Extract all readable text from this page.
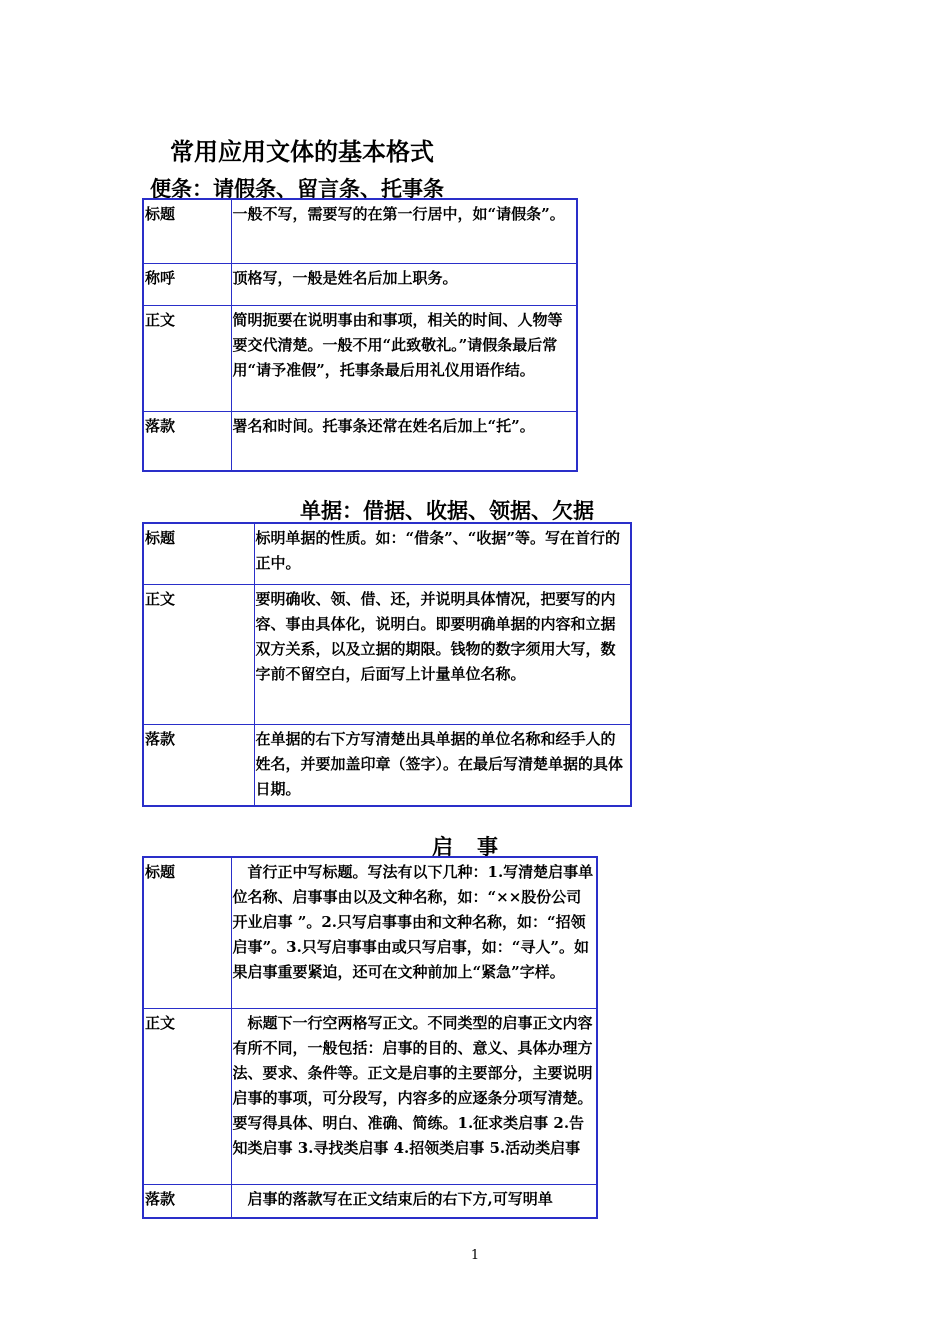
常用应用文体的基本格式
便条：请假条、留言条、托事条
标题	一般不写，需要写的在第一行居中，如“请假条”。
称呼	顶格写，一般是姓名后加上职务。
正文	简明扼要在说明事由和事项，相关的时间、人物等要交代清楚。一般不用“此致敬礼。”请假条最后常用“请予准假”，托事条最后用礼仪用语作结。
落款	署名和时间。托事条还常在姓名后加上“托”。
单据：借据、收据、领据、欠据
标题	标明单据的性质。如：“借条”、“收据”等。写在首行的正中。
正文	要明确收、领、借、还，并说明具体情况，把要写的内容、事由具体化，说明白。即要明确单据的内容和立据双方关系，以及立据的期限。钱物的数字须用大写，数字前不留空白，后面写上计量单位名称。
落款	在单据的右下方写清楚出具单据的单位名称和经手人的姓名，并要加盖印章（签字）。在最后写清楚单据的具体日期。
启事
标题	　首行正中写标题。写法有以下几种：1.写清楚启事单位名称、启事事由以及文种名称，如：“××股份公司开业启事 ”。2.只写启事事由和文种名称，如：“招领启事”。3.只写启事事由或只写启事，如：“寻人”。如果启事重要紧迫，还可在文种前加上“紧急”字样。
正文	　标题下一行空两格写正文。不同类型的启事正文内容有所不同，一般包括：启事的目的、意义、具体办理方法、要求、条件等。正文是启事的主要部分，主要说明启事的事项，可分段写，内容多的应逐条分项写清楚。要写得具体、明白、准确、简练。1.征求类启事 2.告知类启事 3.寻找类启事 4.招领类启事 5.活动类启事
落款	　启事的落款写在正文结束后的右下方,可写明单
1
